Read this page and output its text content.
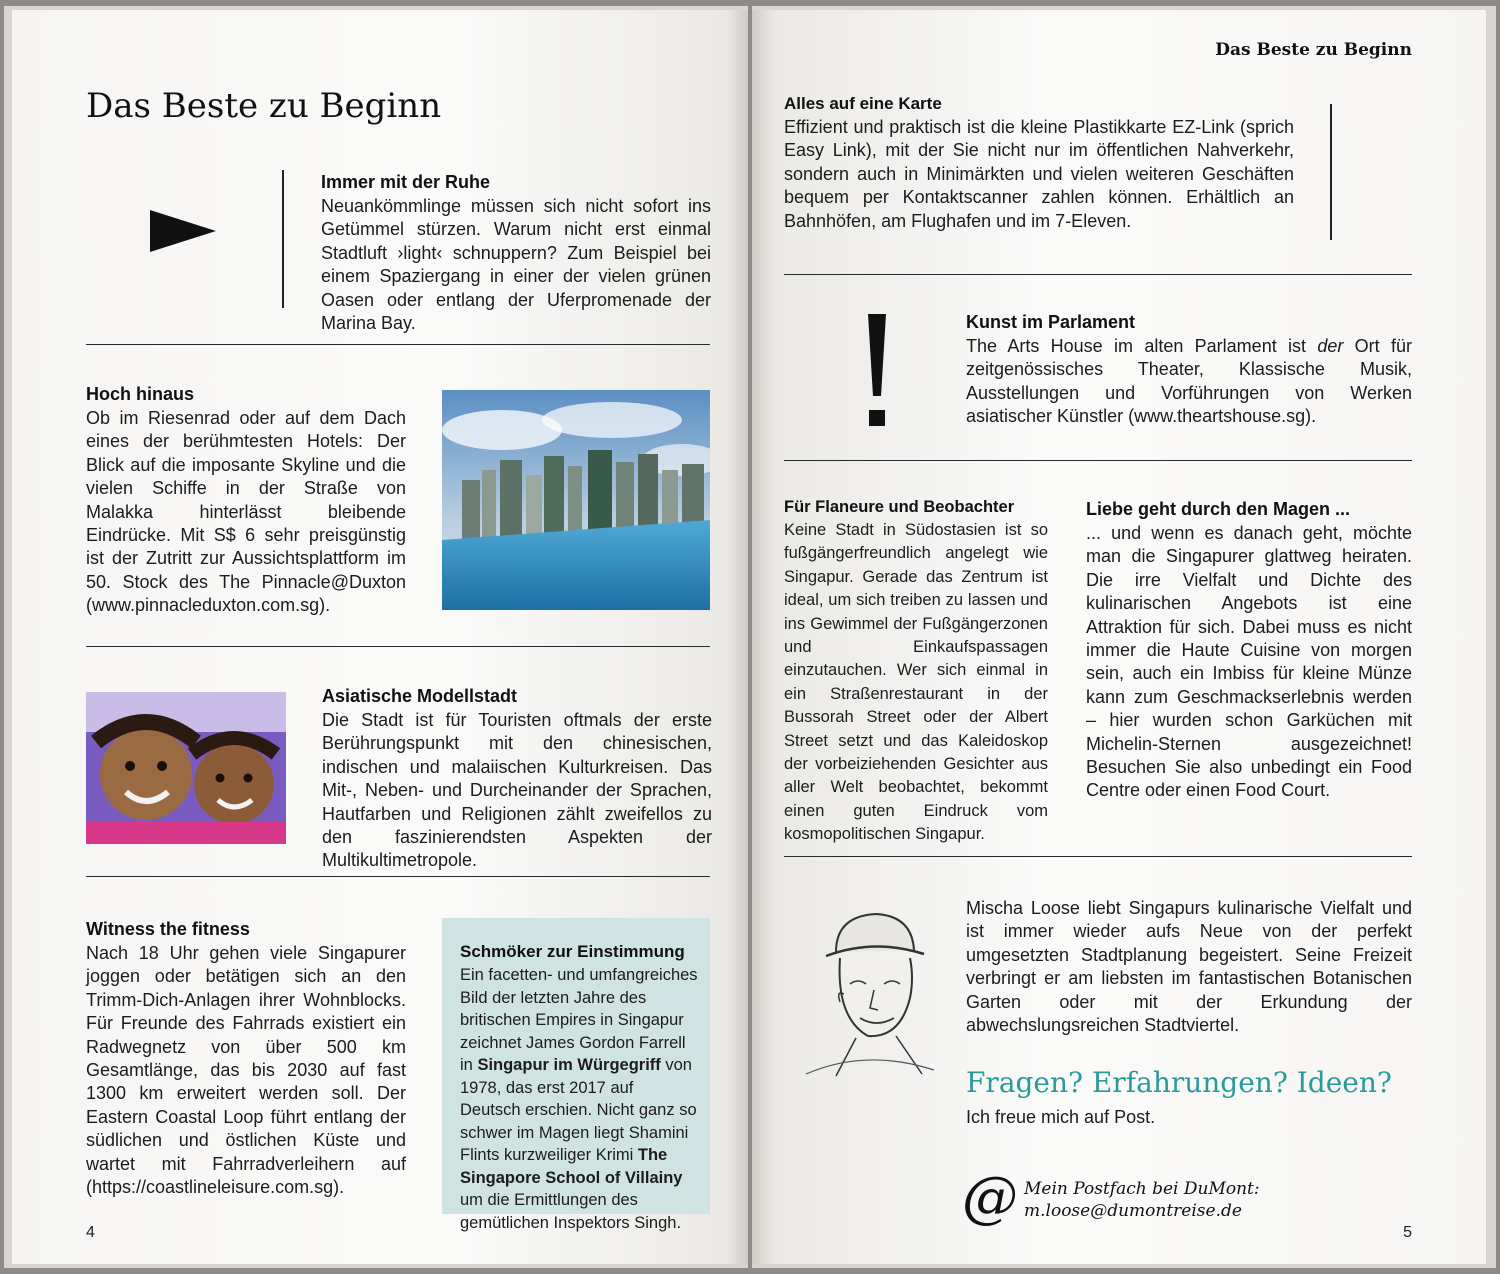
Das Beste zu Beginn
Immer mit der Ruhe

Neuankömmlinge müssen sich nicht sofort ins Getümmel stürzen. Warum nicht erst einmal Stadtluft ›light‹ schnuppern? Zum Beispiel bei einem Spaziergang in einer der vielen grünen Oasen oder entlang der Uferpromenade der Marina Bay.

Hoch hinaus

Ob im Riesenrad oder auf dem Dach eines der berühmtesten Hotels: Der Blick auf die imposante Skyline und die vielen Schiffe in der Straße von Malakka hinterlässt bleibende Eindrücke. Mit S$ 6 sehr preisgünstig ist der Zutritt zur Aussichtsplattform im 50. Stock des The Pinnacle@Duxton (www.pinnacleduxton.com.sg).

Asiatische Modellstadt

Die Stadt ist für Touristen oftmals der erste Berührungspunkt mit den chinesischen, indischen und malaiischen Kulturkreisen. Das Mit-, Neben- und Durcheinander der Sprachen, Hautfarben und Religionen zählt zweifellos zu den faszinierendsten Aspekten der Multikultimetropole.

Witness the fitness

Nach 18 Uhr gehen viele Singapurer joggen oder betätigen sich an den Trimm-Dich-Anlagen ihrer Wohnblocks. Für Freunde des Fahrrads existiert ein Radwegnetz von über 500 km Gesamtlänge, das bis 2030 auf fast 1300 km erweitert werden soll. Der Eastern Coastal Loop führt entlang der südlichen und östlichen Küste und wartet mit Fahrradverleihern auf (https://coastlineleisure.com.sg).

Schmöker zur Einstimmung

Ein facetten- und umfangreiches Bild der letzten Jahre des britischen Empires in Singapur zeichnet James Gordon Farrell in Singapur im Würgegriff von 1978, das erst 2017 auf Deutsch erschien. Nicht ganz so schwer im Magen liegt Shamini Flints kurzweiliger Krimi The Singapore School of Villainy um die Ermittlungen des gemütlichen Inspektors Singh.

4
Das Beste zu Beginn
Alles auf eine Karte

Effizient und praktisch ist die kleine Plastikkarte EZ-Link (sprich Easy Link), mit der Sie nicht nur im öffentlichen Nahverkehr, sondern auch in Minimärkten und vielen weiteren Geschäften bequem per Kontaktscanner zahlen können. Erhältlich an Bahnhöfen, am Flughafen und im 7-Eleven.

Kunst im Parlament

The Arts House im alten Parlament ist der Ort für zeitgenössisches Theater, Klassische Musik, Ausstellungen und Vorführungen von Werken asiatischer Künstler (www.theartshouse.sg).

Für Flaneure und Beobachter

Keine Stadt in Südostasien ist so fußgängerfreundlich angelegt wie Singapur. Gerade das Zentrum ist ideal, um sich treiben zu lassen und ins Gewimmel der Fußgängerzonen und Einkaufspassagen einzutauchen. Wer sich einmal in ein Straßenrestaurant in der Bussorah Street oder der Albert Street setzt und das Kaleidoskop der vorbeiziehenden Gesichter aus aller Welt beobachtet, bekommt einen guten Eindruck vom kosmopolitischen Singapur.

Liebe geht durch den Magen ...

... und wenn es danach geht, möchte man die Singapurer glattweg heiraten. Die irre Vielfalt und Dichte des kulinarischen Angebots ist eine Attraktion für sich. Dabei muss es nicht immer die Haute Cuisine von morgen sein, auch ein Imbiss für kleine Münze kann zum Geschmackserlebnis werden – hier wurden schon Garküchen mit Michelin-Sternen ausgezeichnet! Besuchen Sie also unbedingt ein Food Centre oder einen Food Court.

Mischa Loose liebt Singapurs kulinarische Vielfalt und ist immer wieder aufs Neue von der perfekt umgesetzten Stadtplanung begeistert. Seine Freizeit verbringt er am liebsten im fantastischen Botanischen Garten oder mit der Erkundung der abwechslungsreichen Stadtviertel.

Fragen? Erfahrungen? Ideen?
Ich freue mich auf Post.
@ Mein Postfach bei DuMont:
m.loose@dumontreise.de
5
